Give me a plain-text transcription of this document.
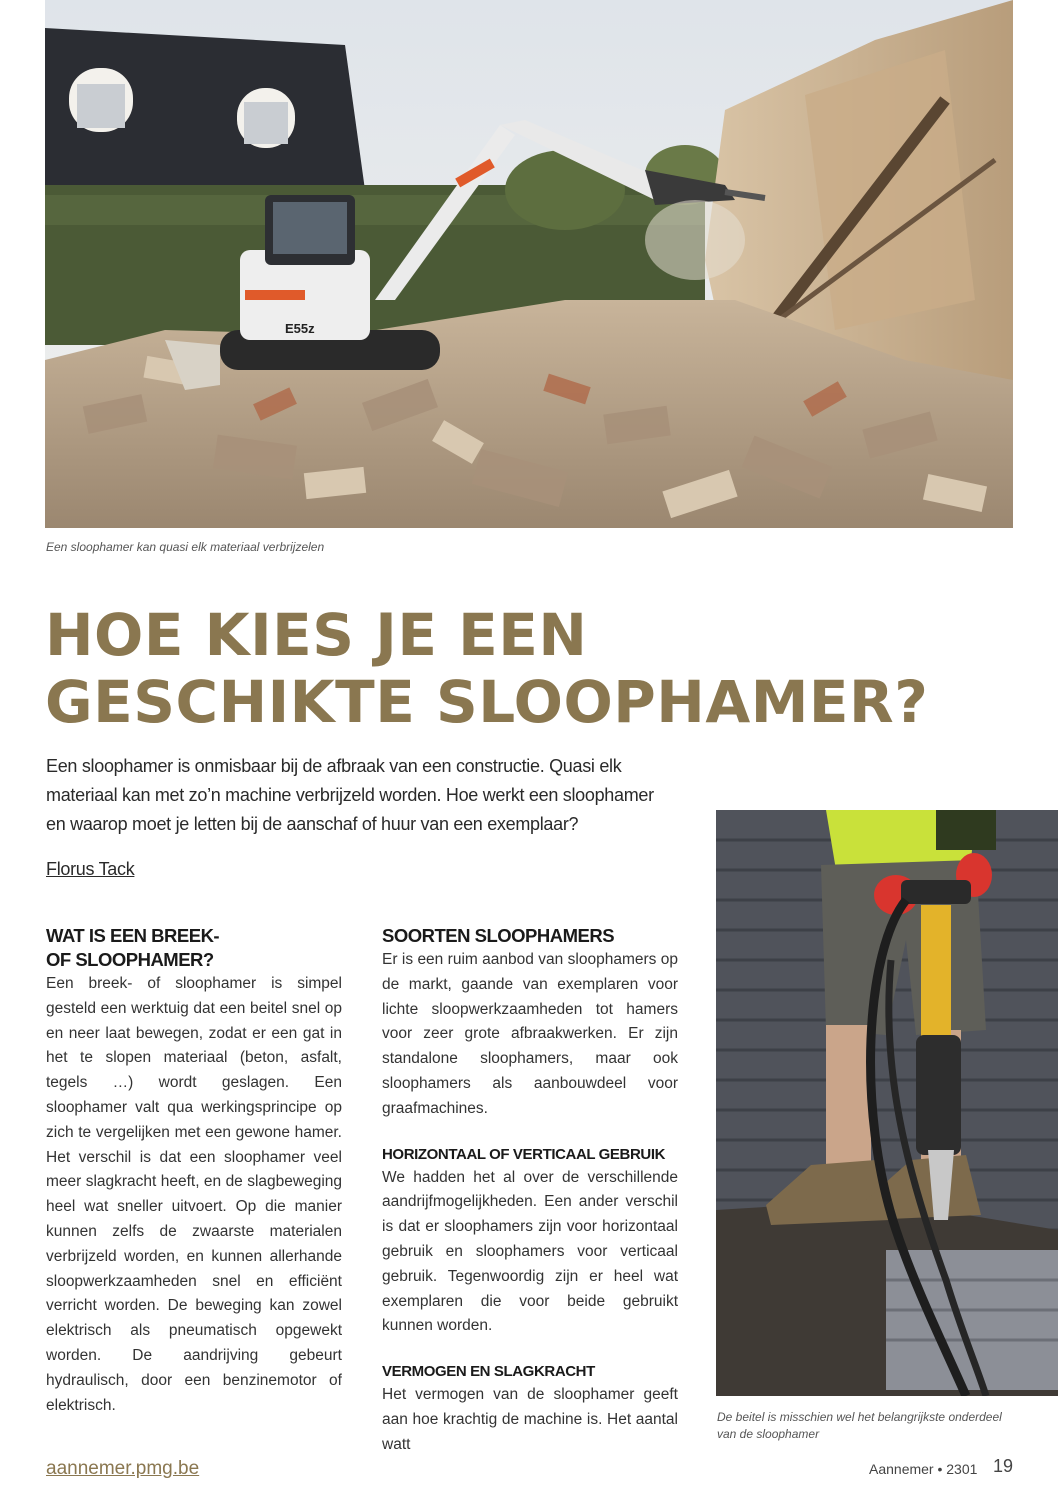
E55z
Een sloophamer kan quasi elk materiaal verbrijzelen
HOE KIES JE EEN
GESCHIKTE SLOOPHAMER?

Een sloophamer is onmisbaar bij de afbraak van een constructie. Quasi elk materiaal kan met zo’n machine verbrijzeld worden. Hoe werkt een sloophamer en waarop moet je letten bij de aanschaf of huur van een exemplaar?

Florus Tack
WAT IS EEN BREEK-
OF SLOOPHAMER?

Een breek- of sloophamer is simpel gesteld een werktuig dat een beitel snel op en neer laat bewegen, zodat er een gat in het te slopen materiaal (beton, asfalt, tegels …) wordt geslagen. Een sloophamer valt qua werkingsprincipe op zich te vergelijken met een gewone hamer. Het verschil is dat een sloophamer veel meer slagkracht heeft, en de slagbeweging heel wat sneller uitvoert. Op die manier kunnen zelfs de zwaarste materialen verbrijzeld worden, en kunnen allerhande sloopwerkzaamheden snel en efficiënt verricht worden. De beweging kan zowel elektrisch als pneumatisch opgewekt worden. De aandrijving gebeurt hydraulisch, door een benzinemotor of elektrisch.

SOORTEN SLOOPHAMERS

Er is een ruim aanbod van sloophamers op de markt, gaande van exemplaren voor lichte sloopwerkzaamheden tot hamers voor zeer grote afbraakwerken. Er zijn standalone sloophamers, maar ook sloophamers als aanbouwdeel voor graafmachines.

HORIZONTAAL OF VERTICAAL GEBRUIK

We hadden het al over de verschillende aandrijfmogelijkheden. Een ander verschil is dat er sloophamers zijn voor horizontaal gebruik en sloophamers voor verticaal gebruik. Tegenwoordig zijn er heel wat exemplaren die voor beide gebruikt kunnen worden.

VERMOGEN EN SLAGKRACHT

Het vermogen van de sloophamer geeft aan hoe krachtig de machine is. Het aantal watt

De beitel is misschien wel het belangrijkste onderdeel van de sloophamer
aannemer.pmg.be	Aannemer • 2301 19
